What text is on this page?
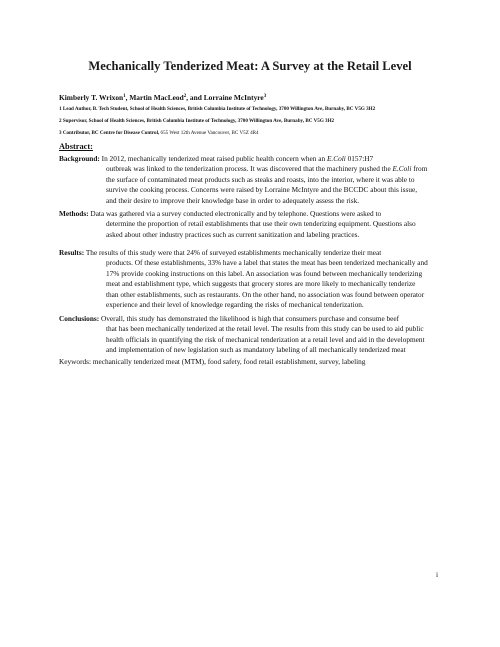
Mechanically Tenderized Meat: A Survey at the Retail Level
Kimberly T. Wrixon$^1$, Martin MacLeod$^2$, and Lorraine McIntyre$^3$
1 Lead Author, B. Tech Student, School of Health Sciences, British Columbia Institute of Technology, 3700 Willington Ave, Burnaby, BC V5G 3H2
2 Supervisor, School of Health Sciences, British Columbia Institute of Technology, 3700 Willington Ave, Burnaby, BC V5G 3H2
3 Contributor, BC Centre for Disease Control, 655 West 12th Avenue Vancouver, BC V5Z 4R4
Abstract:
Background: In 2012, mechanically tenderized meat raised public health concern when an E.Coli 0157:H7
outbreak was linked to the tenderization process. It was discovered that the machinery pushed the E.Coli from
the surface of contaminated meat products such as steaks and roasts, into the interior, where it was able to
survive the cooking process. Concerns were raised by Lorraine McIntyre and the BCCDC about this issue,
and their desire to improve their knowledge base in order to adequately assess the risk.
Methods: Data was gathered via a survey conducted electronically and by telephone. Questions were asked to
determine the proportion of retail establishments that use their own tenderizing equipment. Questions also
asked about other industry practices such as current sanitization and labeling practices.
Results: The results of this study were that 24% of surveyed establishments mechanically tenderize their meat
products. Of these establishments, 33% have a label that states the meat has been tenderized mechanically and
17% provide cooking instructions on this label. An association was found between mechanically tenderizing
meat and establishment type, which suggests that grocery stores are more likely to mechanically tenderize
than other establishments, such as restaurants. On the other hand, no association was found between operator
experience and their level of knowledge regarding the risks of mechanical tenderization.
Conclusions: Overall, this study has demonstrated the likelihood is high that consumers purchase and consume beef
that has been mechanically tenderized at the retail level. The results from this study can be used to aid public
health officials in quantifying the risk of mechanical tenderization at a retail level and aid in the development
and implementation of new legislation such as mandatory labeling of all mechanically tenderized meat
Keywords: mechanically tenderized meat (MTM), food safety, food retail establishment, survey, labeling
i
